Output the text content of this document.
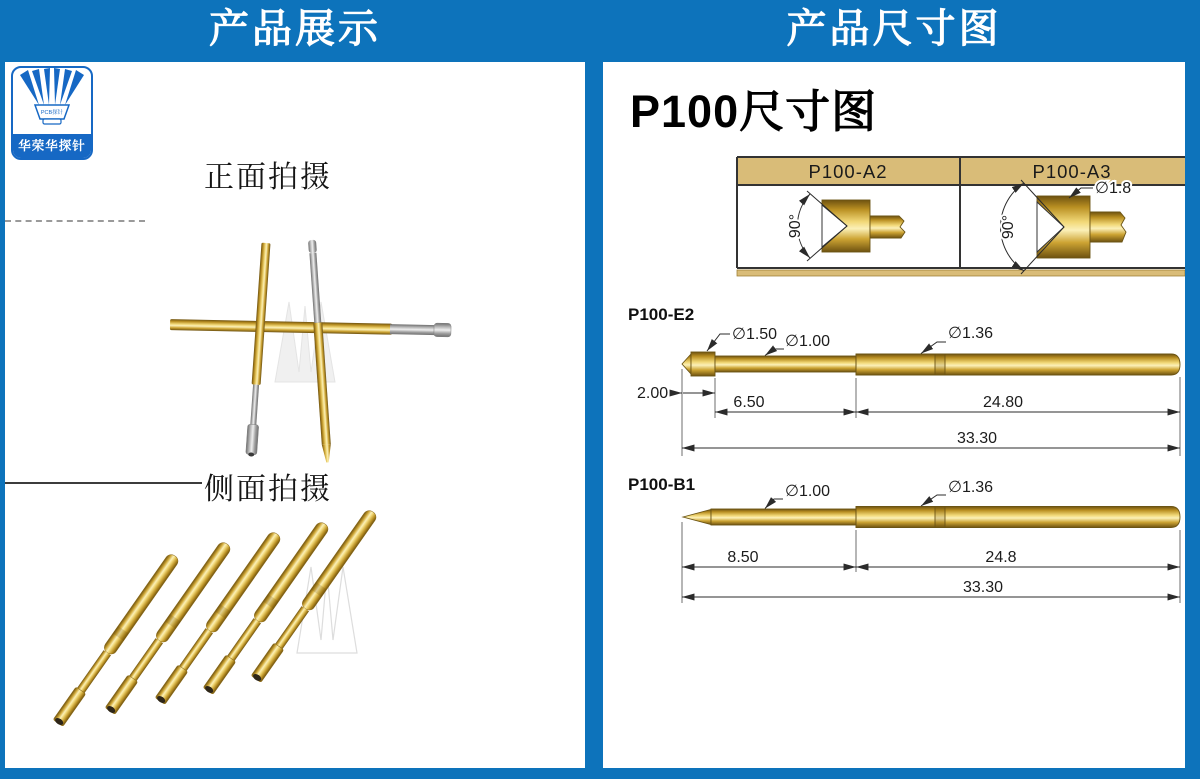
产品展示	产品尺寸图
PCB探针
华荣华探针
正面拍摄
侧面拍摄
P100尺寸图
P100-A2	P100-A3
90°	90°
∅1.8
P100-E2
∅1.50 ∅1.00	∅1.36
2.00
6.50	24.80
33.30
P100-B1	∅1.00	∅1.36
8.50	24.8
33.30
